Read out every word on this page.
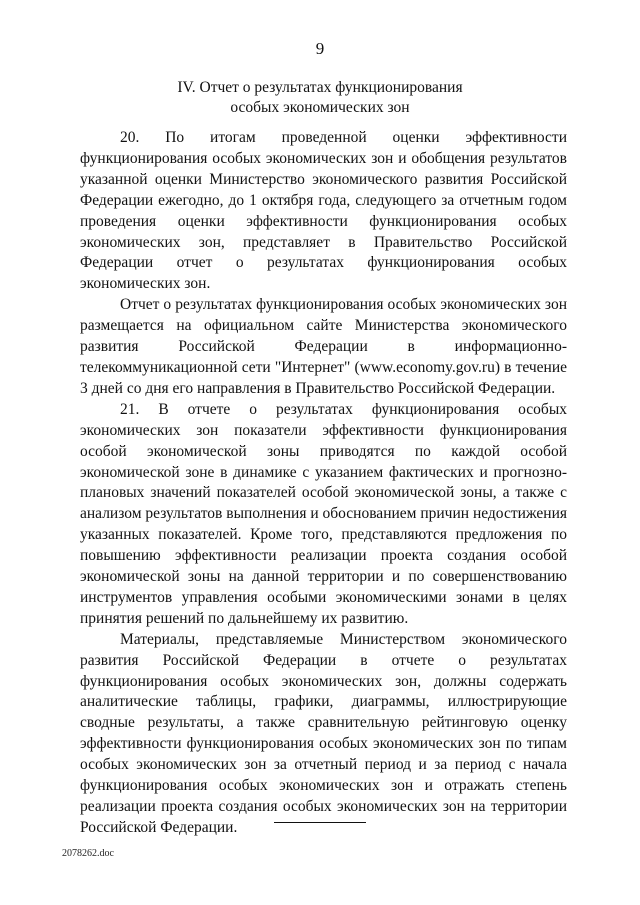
9
IV. Отчет о результатах функционирования
особых экономических зон

20. По итогам проведенной оценки эффективности функционирования особых экономических зон и обобщения результатов указанной оценки Министерство экономического развития Российской Федерации ежегодно, до 1 октября года, следующего за отчетным годом проведения оценки эффективности функционирования особых экономических зон, представляет в Правительство Российской Федерации отчет о результатах функционирования особых экономических зон.

Отчет о результатах функционирования особых экономических зон размещается на официальном сайте Министерства экономического развития Российской Федерации в информационно-телекоммуникационной сети "Интернет" (www.economy.gov.ru) в течение 3 дней со дня его направления в Правительство Российской Федерации.

21. В отчете о результатах функционирования особых экономических зон показатели эффективности функционирования особой экономической зоны приводятся по каждой особой экономической зоне в динамике с указанием фактических и прогнозно-плановых значений показателей особой экономической зоны, а также с анализом результатов выполнения и обоснованием причин недостижения указанных показателей. Кроме того, представляются предложения по повышению эффективности реализации проекта создания особой экономической зоны на данной территории и по совершенствованию инструментов управления особыми экономическими зонами в целях принятия решений по дальнейшему их развитию.

Материалы, представляемые Министерством экономического развития Российской Федерации в отчете о результатах функционирования особых экономических зон, должны содержать аналитические таблицы, графики, диаграммы, иллюстрирующие сводные результаты, а также сравнительную рейтинговую оценку эффективности функционирования особых экономических зон по типам особых экономических зон за отчетный период и за период с начала функционирования особых экономических зон и отражать степень реализации проекта создания особых экономических зон на территории Российской Федерации.

2078262.doc
